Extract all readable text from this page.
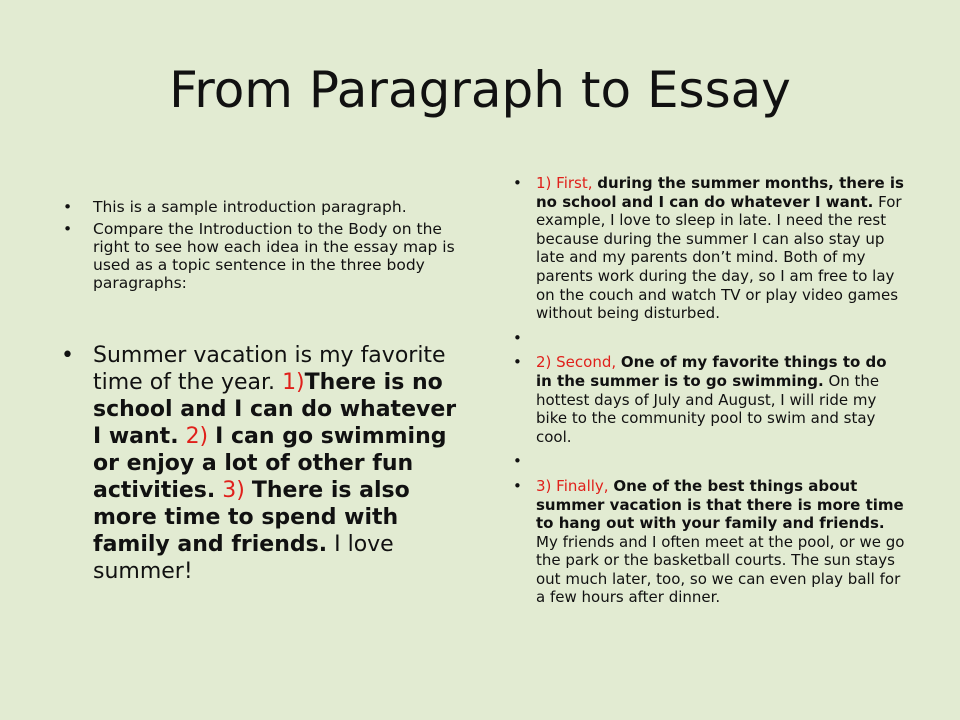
From Paragraph to Essay
• This is a sample introduction paragraph.
• Compare the Introduction to the Body on the right to see how each idea in the essay map is used as a topic sentence in the three body paragraphs:
• Summer vacation is my favorite time of the year. 1)There is no school and I can do whatever I want. 2) I can go swimming or enjoy a lot of other fun activities. 3) There is also more time to spend with family and friends. I love summer!
• 1) First, during the summer months, there is no school and I can do whatever I want. For example, I love to sleep in late. I need the rest because during the summer I can also stay up late and my parents don’t mind. Both of my parents work during the day, so I am free to lay on the couch and watch TV or play video games without being disturbed.
•
• 2) Second, One of my favorite things to do in the summer is to go swimming. On the hottest days of July and August, I will ride my bike to the community pool to swim and stay cool.
•
• 3) Finally, One of the best things about summer vacation is that there is more time to hang out with your family and friends. My friends and I often meet at the pool, or we go the park or the basketball courts. The sun stays out much later, too, so we can even play ball for a few hours after dinner.
